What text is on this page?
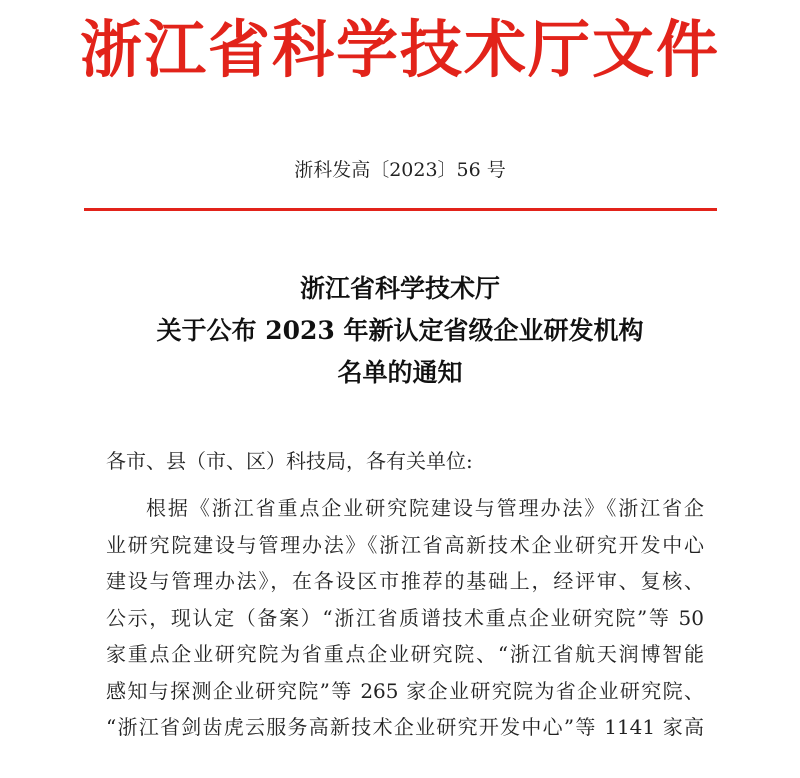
浙江省科学技术厅文件
浙科发高〔2023〕56 号
浙江省科学技术厅
关于公布 2023 年新认定省级企业研发机构
名单的通知
各市、县（市、区）科技局，各有关单位:
根据《浙江省重点企业研究院建设与管理办法》《浙江省企
业研究院建设与管理办法》《浙江省高新技术企业研究开发中心
建设与管理办法》，在各设区市推荐的基础上，经评审、复核、
公示，现认定（备案）“浙江省质谱技术重点企业研究院”等 50
家重点企业研究院为省重点企业研究院、“浙江省航天润博智能
感知与探测企业研究院”等 265 家企业研究院为省企业研究院、
“浙江省剑齿虎云服务高新技术企业研究开发中心”等 1141 家高
